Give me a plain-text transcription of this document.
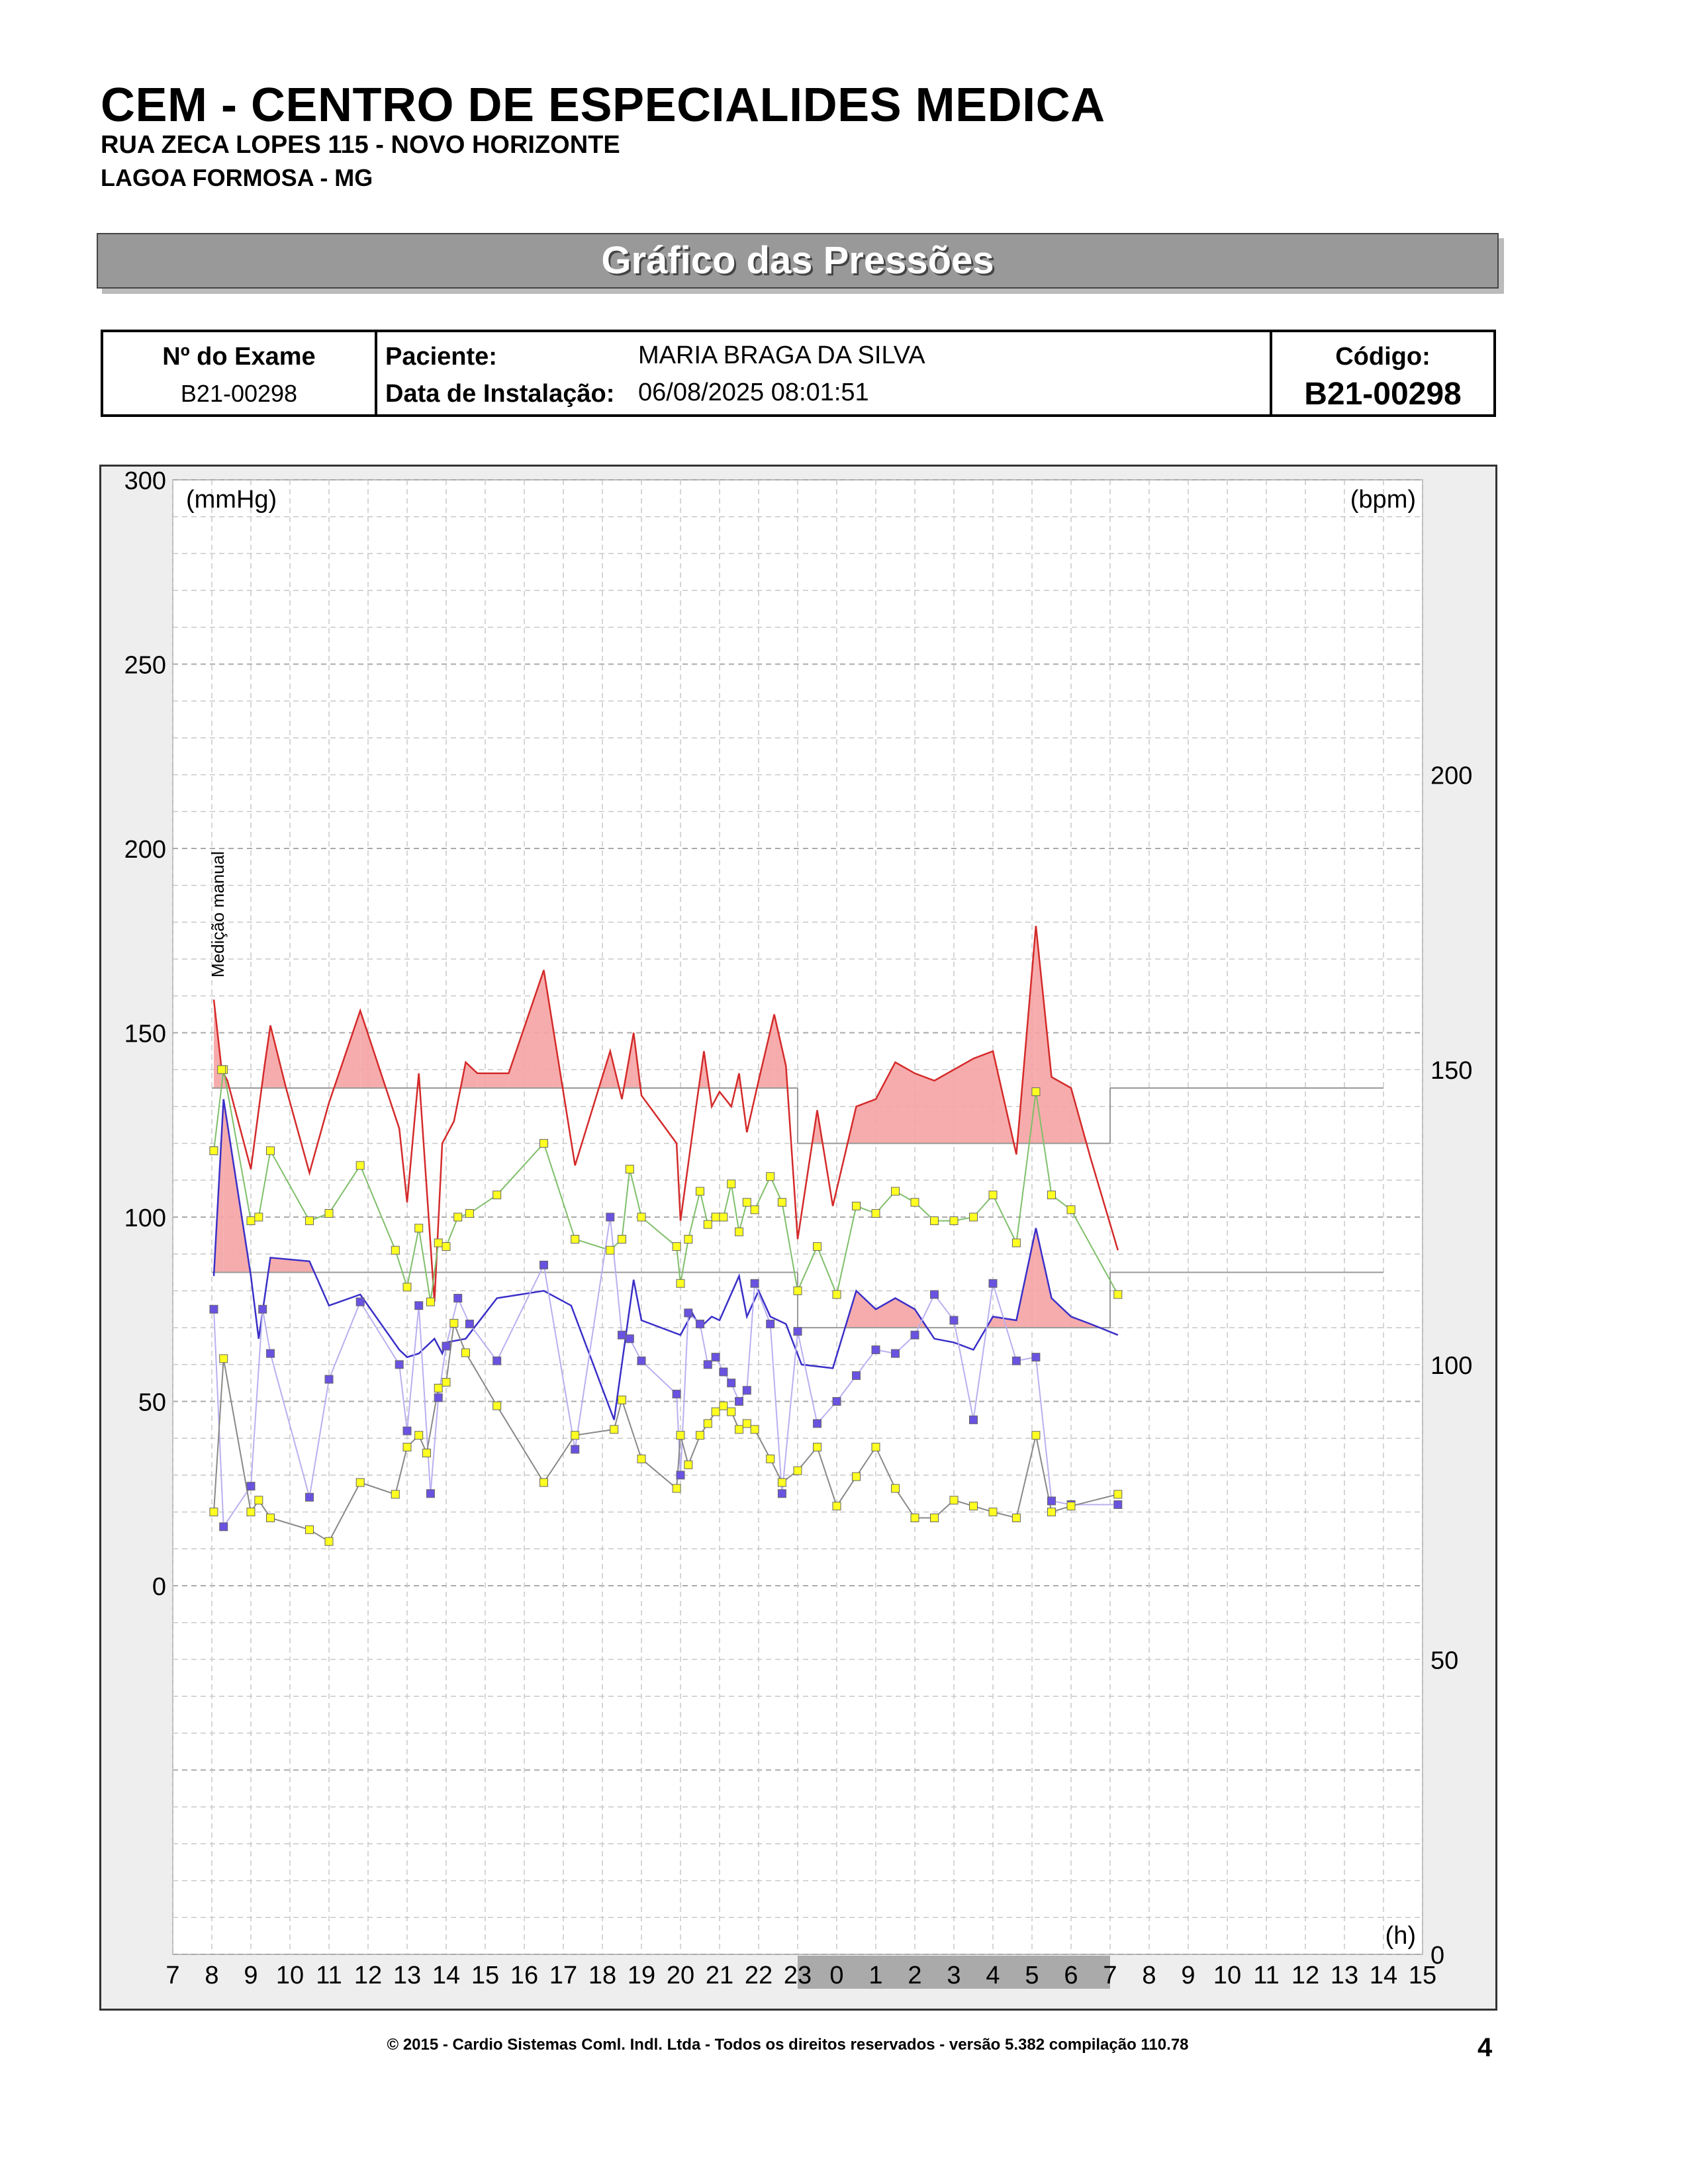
CEM - CENTRO DE ESPECIALIDES MEDICA
RUA ZECA LOPES 115 - NOVO HORIZONTE
LAGOA FORMOSA - MG
Gráfico das Pressões
Nº do Exame
B21-00298
Paciente:	MARIA BRAGA DA SILVA
Data de Instalação: 06/08/2025 08:01:51
Código:
B21-00298
300
250
200
150
100
50
0
200
150
100
50
0
7 8 9 10 11 12 13 14 15 16 17 18 19 20 21 22 23 0 1 2 3 4 5 6 7 8 9 10 11 12 13 14 15
(mmHg)	(bpm)
(h)
Medição manual
© 2015 - Cardio Sistemas Coml. Indl. Ltda - Todos os direitos reservados - versão 5.382 compilação 110.78	4
